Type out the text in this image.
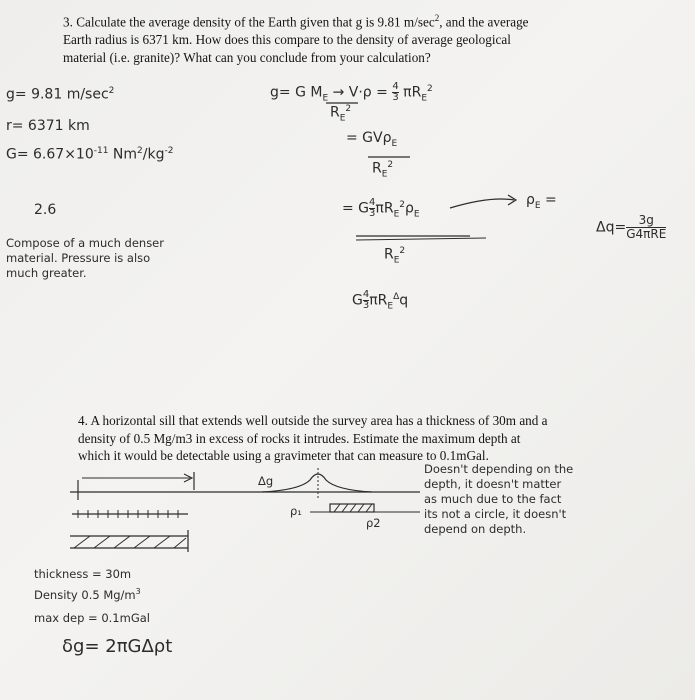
3. Calculate the average density of the Earth given that g is 9.81 $m/\sec^2$, and the average
Earth radius is 6371 km. How does this compare to the density of average geological
material (i.e. granite)? What can you conclude from your calculation?
g= 9.81 $m/\sec^2$
r= 6371 km
$G= 6.67\times 10^{-11}$ $Nm^2/kg^{-2}$
2.6
g= G $M_E \to V\cdot\rho = \frac{4}{3} \pi R_E^2$
$R_E^2$
= GVρ$_E$
$R_E^2$
= G $\frac{4}{3} \pi R_E^2\rho_E$
$R_E^2$
$\rho_E$ =
G $\frac{4}{3} \pi R_E^\Delta q$
Δq=	3g
G4πRE
Compose of a much denser
material. Pressure is also
much greater.
4. A horizontal sill that extends well outside the survey area has a thickness of 30m and a
density of 0.5 Mg/m3 in excess of rocks it intrudes. Estimate the maximum depth at
which it would be detectable using a gravimeter that can measure to 0.1mGal.
Δg
ρ₁
ρ2
Doesn't depending on the
depth, it doesn't matter
as much due to the fact
its not a circle, it doesn't
depend on depth.
thickness = 30m
Density 0.5 $Mg/m^3$
max dep = 0.1mGal
δg= 2πGΔρt
